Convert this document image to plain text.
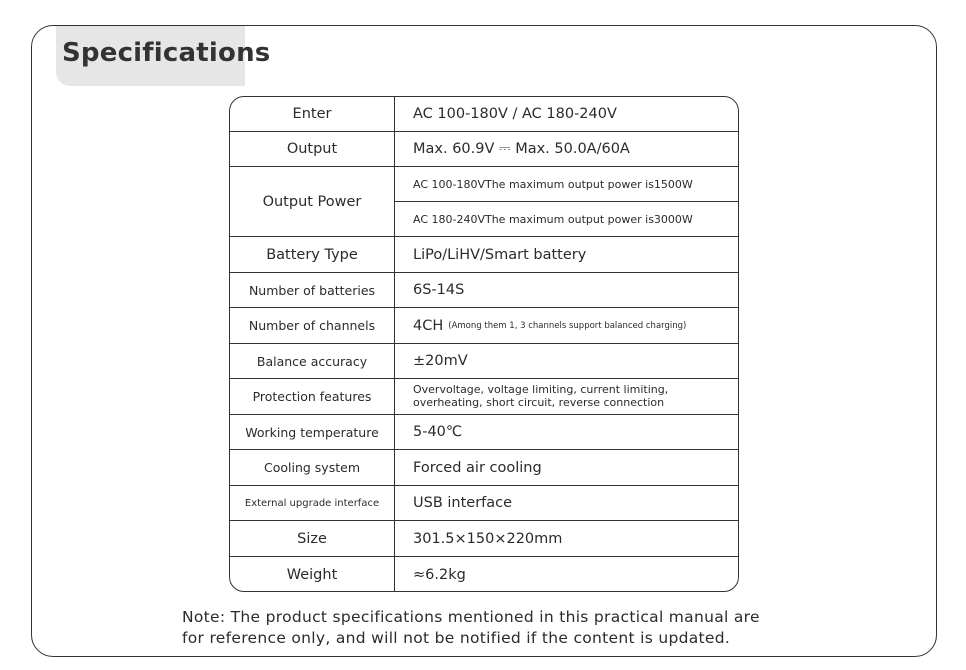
Specifications
Enter	AC 100-180V / AC 180-240V
Output	Max. 60.9V ⎓ Max. 50.0A/60A
Output Power
AC 100-180VThe maximum output power is1500W
AC 180-240VThe maximum output power is3000W
Battery Type	LiPo/LiHV/Smart battery
Number of batteries	6S-14S
Number of channels	4CH (Among them 1, 3 channels support balanced charging)
Balance accuracy	±20mV
Protection features	Overvoltage, voltage limiting, current limiting,
overheating, short circuit, reverse connection
Working temperature	5-40℃
Cooling system	Forced air cooling
External upgrade interface	USB interface
Size	301.5×150×220mm
Weight	≈6.2kg
Note: The product specifications mentioned in this practical manual are
for reference only, and will not be notified if the content is updated.
